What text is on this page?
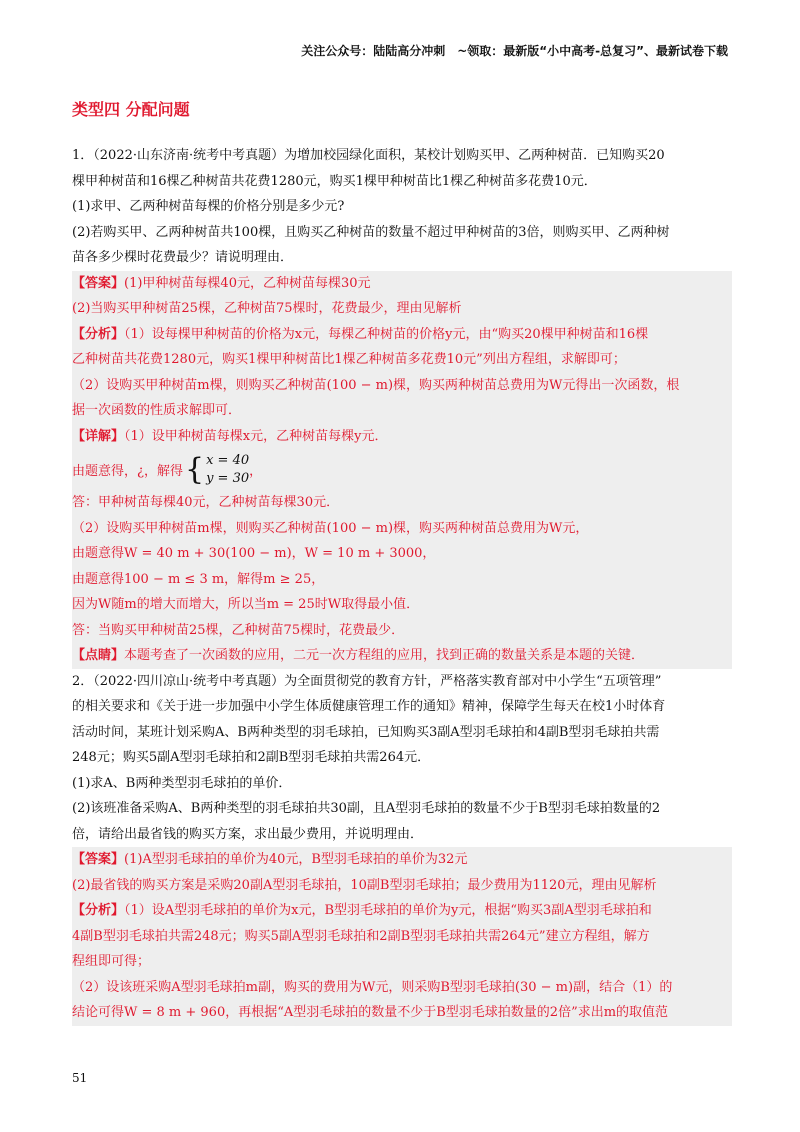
关注公众号：陆陆高分冲刺　~领取：最新版“小中高考-总复习”、最新试卷下载
类型四 分配问题
1．（2022·山东济南·统考中考真题）为增加校园绿化面积，某校计划购买甲、乙两种树苗．已知购买20
棵甲种树苗和16棵乙种树苗共花费1280元，购买1棵甲种树苗比1棵乙种树苗多花费10元．
(1)求甲、乙两种树苗每棵的价格分别是多少元?
(2)若购买甲、乙两种树苗共100棵，且购买乙种树苗的数量不超过甲种树苗的3倍，则购买甲、乙两种树
苗各多少棵时花费最少？请说明理由．
【答案】(1)甲种树苗每棵40元，乙种树苗每棵30元
(2)当购买甲种树苗25棵，乙种树苗75棵时，花费最少，理由见解析
【分析】（1）设每棵甲种树苗的价格为x元，每棵乙种树苗的价格y元，由“购买20棵甲种树苗和16棵
乙种树苗共花费1280元，购买1棵甲种树苗比1棵乙种树苗多花费10元”列出方程组，求解即可；
（2）设购买甲种树苗m棵，则购买乙种树苗(100 − m)棵，购买两种树苗总费用为W元得出一次函数，根
据一次函数的性质求解即可．
【详解】（1）设甲种树苗每棵x元，乙种树苗每棵y元．
由题意得，¿，解得 { x = 40
y = 30 ，
答：甲种树苗每棵40元，乙种树苗每棵30元．
（2）设购买甲种树苗m棵，则购买乙种树苗(100 − m)棵，购买两种树苗总费用为W元，
由题意得W = 40 m + 30(100 − m)，W = 10 m + 3000，
由题意得100 − m ≤ 3 m，解得m ≥ 25，
因为W随m的增大而增大，所以当m = 25时W取得最小值．
答：当购买甲种树苗25棵，乙种树苗75棵时，花费最少．
【点睛】本题考查了一次函数的应用，二元一次方程组的应用，找到正确的数量关系是本题的关键．
2．（2022·四川凉山·统考中考真题）为全面贯彻党的教育方针，严格落实教育部对中小学生“五项管理”
的相关要求和《关于进一步加强中小学生体质健康管理工作的通知》精神，保障学生每天在校1小时体育
活动时间，某班计划采购A、B两种类型的羽毛球拍，已知购买3副A型羽毛球拍和4副B型羽毛球拍共需
248元；购买5副A型羽毛球拍和2副B型羽毛球拍共需264元．
(1)求A、B两种类型羽毛球拍的单价．
(2)该班准备采购A、B两种类型的羽毛球拍共30副，且A型羽毛球拍的数量不少于B型羽毛球拍数量的2
倍，请给出最省钱的购买方案，求出最少费用，并说明理由．
【答案】(1)A型羽毛球拍的单价为40元，B型羽毛球拍的单价为32元
(2)最省钱的购买方案是采购20副A型羽毛球拍，10副B型羽毛球拍；最少费用为1120元，理由见解析
【分析】（1）设A型羽毛球拍的单价为x元，B型羽毛球拍的单价为y元，根据“购买3副A型羽毛球拍和
4副B型羽毛球拍共需248元；购买5副A型羽毛球拍和2副B型羽毛球拍共需264元”建立方程组，解方
程组即可得；
（2）设该班采购A型羽毛球拍m副，购买的费用为W元，则采购B型羽毛球拍(30 − m)副，结合（1）的
结论可得W = 8 m + 960，再根据“A型羽毛球拍的数量不少于B型羽毛球拍数量的2倍”求出m的取值范
51
